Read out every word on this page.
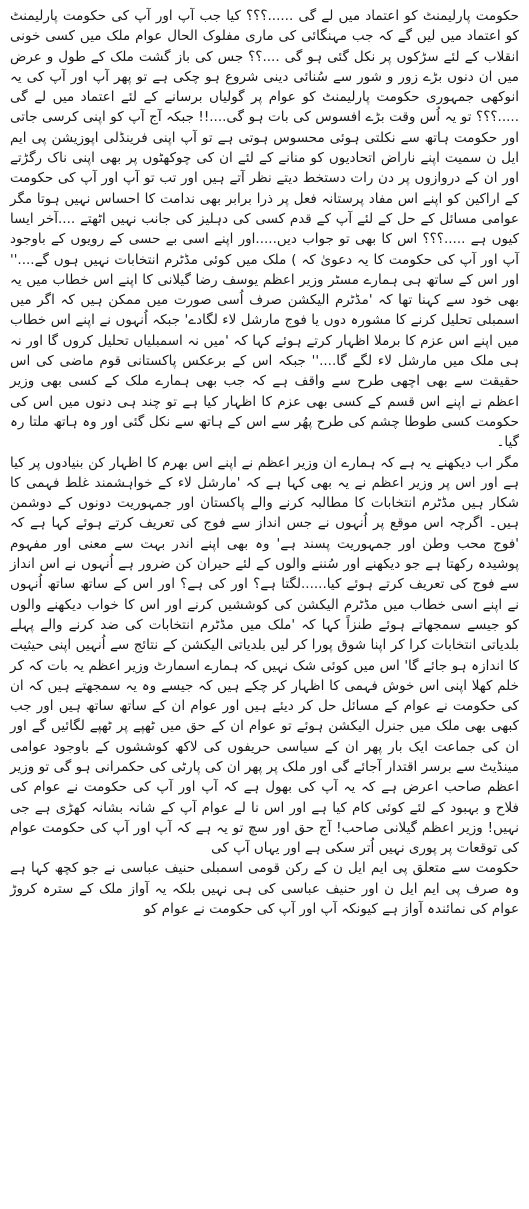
حکومت پارلیمنٹ کو اعتماد میں لے گی ......؟؟؟ کیا جب آپ اور آپ کی حکومت پارلیمنٹ کو اعتماد میں لیں گے کہ جب مہنگائی کی ماری مفلوک الحال عوام ملک میں کسی خونی انقلاب کے لئے سڑکوں پر نکل گئی ہو گی ....؟؟ جس کی باز گشت ملک کے طول و عرض میں ان دنوں بڑے زور و شور سے سُنائی دینی شروع ہو چکی ہے تو پھر آپ اور آپ کی یہ انوکھی جمہوری حکومت پارلیمنٹ کو عوام پر گولیاں برسانے کے لئے اعتماد میں لے گی .....؟؟؟ تو یہ اُس وقت بڑے افسوس کی بات ہو گی....!! جبکہ آج آپ کو اپنی کرسی جاتی اور حکومت ہاتھ سے نکلتی ہوئی محسوس ہوتی ہے تو آپ اپنی فرینڈلی اپوزیشن پی ایم ایل ن سمیت اپنے ناراض اتحادیوں کو منانے کے لئے ان کی چوکھٹوں پر بھی اپنی ناک رگڑتے اور ان کے دروازوں پر دن رات دستخط دیتے نظر آتے ہیں اور تب تو آپ اور آپ کی حکومت کے اراکین کو اپنے اس مفاد پرستانہ فعل پر ذرا برابر بھی ندامت کا احساس نہیں ہوتا مگر عوامی مسائل کے حل کے لئے آپ کے قدم کسی کی دہلیز کی جانب نہیں اٹھتے ....آخر ایسا کیوں ہے .....؟؟؟ اس کا بھی تو جواب دیں.....اور اپنے اسی بے حسی کے رویوں کے باوجود آپ اور آپ کی حکومت کا یہ دعویٰ کہ ) ملک میں کوئی مڈٹرم انتخابات نہیں ہوں گے....'' اور اس کے ساتھ ہی ہمارے مسٹر وزیر اعظم یوسف رضا گیلانی کا اپنے اس خطاب میں یہ بھی خود سے کہنا تھا کہ 'مڈٹرم الیکشن صرف اُسی صورت میں ممکن ہیں کہ اگر میں اسمبلی تحلیل کرنے کا مشورہ دوں یا فوج مارشل لاء لگادے' جبکہ اُنہوں نے اپنے اس خطاب میں اپنے اس عزم کا برملا اظہار کرتے ہوئے کہا کہ 'میں نہ اسمبلیاں تحلیل کروں گا اور نہ ہی ملک میں مارشل لاء لگے گا....'' جبکہ اس کے برعکس پاکستانی قوم ماضی کی اس حقیقت سے بھی اچھی طرح سے واقف ہے کہ جب بھی ہمارے ملک کے کسی بھی وزیر اعظم نے اپنے اس قسم کے کسی بھی عزم کا اظہار کیا ہے تو چند ہی دنوں میں اس کی حکومت کسی طوطا چشم کی طرح پھُر سے اس کے ہاتھ سے نکل گئی اور وہ ہاتھ ملتا رہ گیا۔

مگر اب دیکھنے یہ ہے کہ ہمارے ان وزیر اعظم نے اپنے اس بھرم کا اظہار کن بنیادوں پر کیا ہے اور اس پر وزیر اعظم نے یہ بھی کہا ہے کہ 'مارشل لاء کے خواہشمند غلط فہمی کا شکار ہیں مڈٹرم انتخابات کا مطالبہ کرنے والے پاکستان اور جمہوریت دونوں کے دوشمن ہیں۔ اگرچہ اس موقع پر اُنہوں نے جس انداز سے فوج کی تعریف کرتے ہوئے کہا ہے کہ 'فوج محب وطن اور جمہوریت پسند ہے' وہ بھی اپنے اندر بہت سے معنی اور مفہوم پوشیدہ رکھتا ہے جو دیکھنے اور سُننے والوں کے لئے حیران کن ضرور ہے اُنہوں نے اس انداز سے فوج کی تعریف کرتے ہوئے کیا......لگتا ہے؟ اور کی ہے؟ اور اس کے ساتھ ساتھ اُنہوں نے اپنے اسی خطاب میں مڈٹرم الیکشن کی کوششیں کرنے اور اس کا خواب دیکھنے والوں کو جیسے سمجھاتے ہوئے طنزاً کہا کہ 'ملک میں مڈٹرم انتخابات کی ضد کرنے والے پہلے بلدیاتی انتخابات کرا کر اپنا شوق پورا کر لیں بلدیاتی الیکشن کے نتائج سے اُنہیں اپنی حیثیت کا اندازہ ہو جائے گا' اس میں کوئی شک نہیں کہ ہمارے اسمارٹ وزیر اعظم یہ بات کہ کر خلم کھلا اپنی اس خوش فہمی کا اظہار کر چکے ہیں کہ جیسے وہ یہ سمجھتے ہیں کہ ان کی حکومت نے عوام کے مسائل حل کر دیئے ہیں اور عوام ان کے ساتھ ساتھ ہیں اور جب کبھی بھی ملک میں جنرل الیکشن ہوئے تو عوام ان کے حق میں ٹھپے پر ٹھپے لگائیں گے اور ان کی جماعت ایک بار پھر ان کے سیاسی حریفوں کی لاکھ کوششوں کے باوجود عوامی مینڈیٹ سے برسر اقتدار آجائے گی اور ملک پر پھر ان کی پارٹی کی حکمرانی ہو گی تو وزیر اعظم صاحب اعرض ہے کہ یہ آپ کی بھول ہے کہ آپ اور آپ کی حکومت نے عوام کی فلاح و بہبود کے لئے کوئی کام کیا ہے اور اس نا لے عوام آپ کے شانہ بشانہ کھڑی ہے جی نہیں! وزیر اعظم گیلانی صاحب! آج حق اور سچ تو یہ ہے کہ آپ اور آپ کی حکومت عوام کی توقعات پر پوری نہیں اُتر سکی ہے اور یہاں آپ کی

حکومت سے متعلق پی ایم ایل ن کے رکن قومی اسمبلی حنیف عباسی نے جو کچھ کہا ہے وہ صرف پی ایم ایل ن اور حنیف عباسی کی ہی نہیں بلکہ یہ آواز ملک کے سترہ کروڑ عوام کی نمائندہ آواز ہے کیونکہ آپ اور آپ کی حکومت نے عوام کو
